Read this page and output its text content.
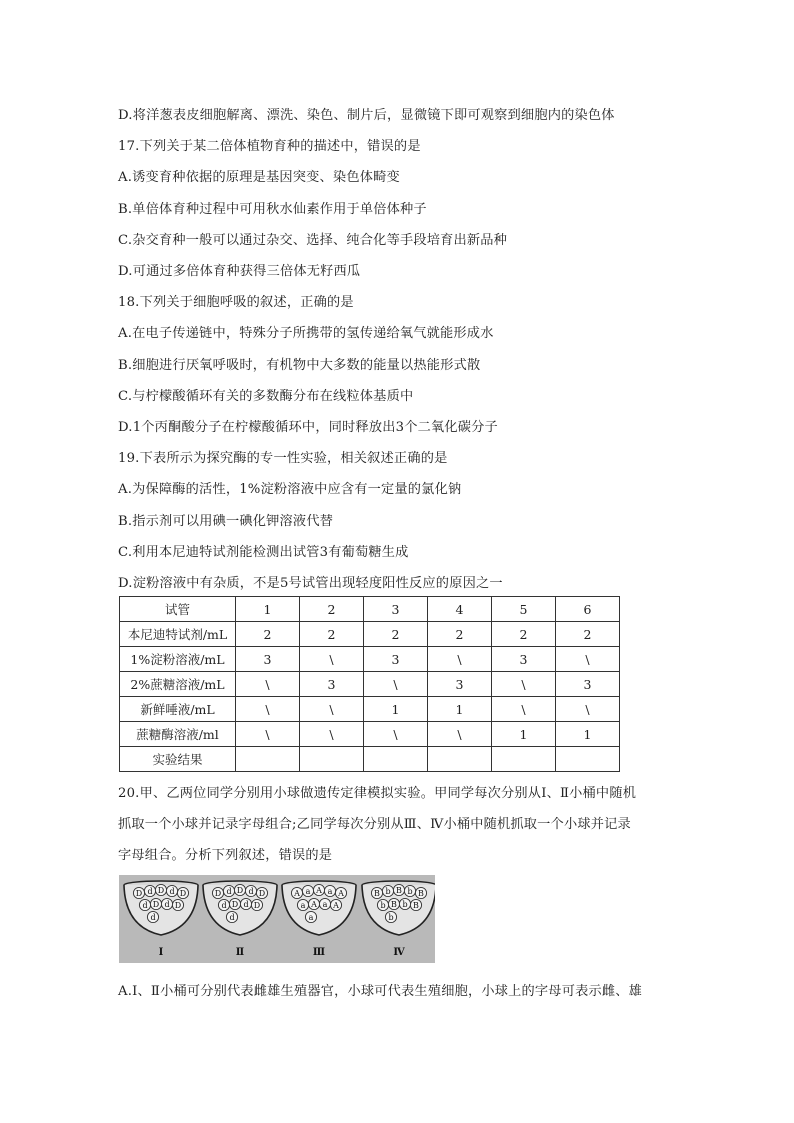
D.将洋葱表皮细胞解离、漂洗、染色、制片后，显微镜下即可观察到细胞内的染色体
17.下列关于某二倍体植物育种的描述中，错误的是
A.诱变育种依据的原理是基因突变、染色体畸变
B.单倍体育种过程中可用秋水仙素作用于单倍体种子
C.杂交育种一般可以通过杂交、选择、纯合化等手段培育出新品种
D.可通过多倍体育种获得三倍体无籽西瓜
18.下列关于细胞呼吸的叙述，正确的是
A.在电子传递链中，特殊分子所携带的氢传递给氧气就能形成水
B.细胞进行厌氧呼吸时，有机物中大多数的能量以热能形式散
C.与柠檬酸循环有关的多数酶分布在线粒体基质中
D.1个丙酮酸分子在柠檬酸循环中，同时释放出3个二氧化碳分子
19.下表所示为探究酶的专一性实验，相关叙述正确的是
A.为保障酶的活性，1%淀粉溶液中应含有一定量的氯化钠
B.指示剂可以用碘一碘化钾溶液代替
C.利用本尼迪特试剂能检测出试管3有葡萄糖生成
D.淀粉溶液中有杂质，不是5号试管出现轻度阳性反应的原因之一
试管	1	2	3	4	5	6
本尼迪特试剂/mL	2	2	2	2	2	2
1%淀粉溶液/mL	3	\	3	\	3	\
2%蔗糖溶液/mL	\	3	\	3	\	3
新鲜唾液/mL	\	\	1	1	\	\
蔗糖酶溶液/ml	\	\	\	\	1	1
实验结果						
20.甲、乙两位同学分别用小球做遗传定律模拟实验。甲同学每次分别从Ⅰ、Ⅱ小桶中随机
抓取一个小球并记录字母组合;乙同学每次分别从Ⅲ、Ⅳ小桶中随机抓取一个小球并记录
字母组合。分析下列叙述，错误的是
D d D d D
d D d D
d
Ⅰ
D d D d D
d D d D
d
Ⅱ
A a A a A
a A a A
a
Ⅲ
B b B b B
b B b B
b
Ⅳ
A.Ⅰ、Ⅱ小桶可分别代表雌雄生殖器官，小球可代表生殖细胞，小球上的字母可表示雌、雄
